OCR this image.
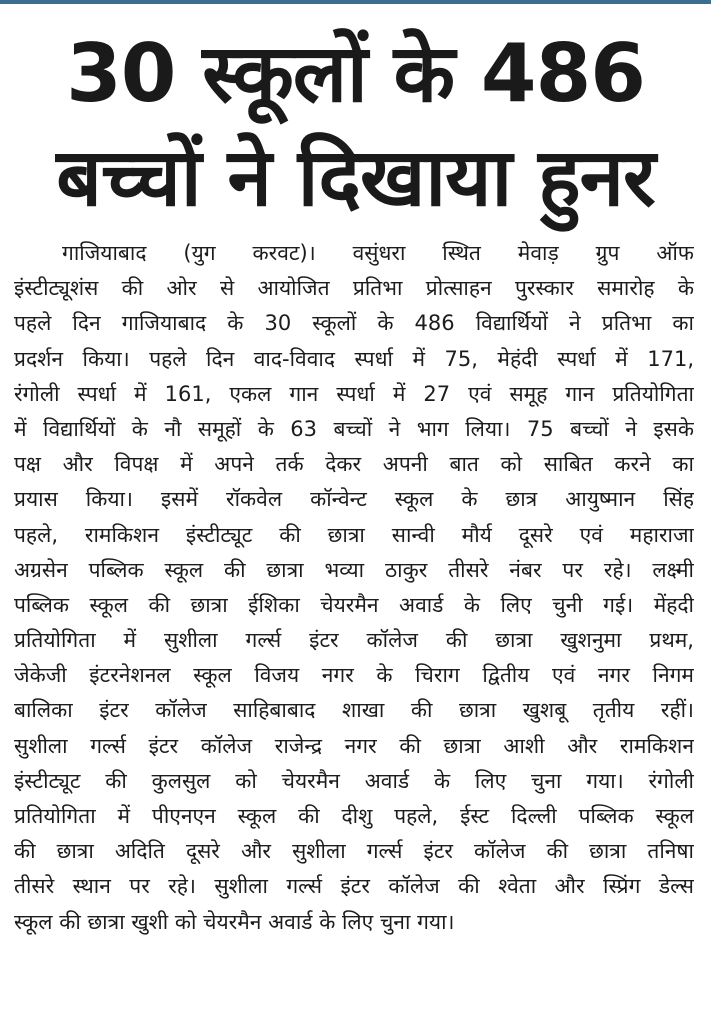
30 स्कूलों के 486
बच्चों ने दिखाया हुनर
गाजियाबाद (युग करवट)। वसुंधरा स्थित मेवाड़ ग्रुप ऑफ
इंस्टीट्यूशंस की ओर से आयोजित प्रतिभा प्रोत्साहन पुरस्कार समारोह के
पहले दिन गाजियाबाद के 30 स्कूलों के 486 विद्यार्थियों ने प्रतिभा का
प्रदर्शन किया। पहले दिन वाद-विवाद स्पर्धा में 75, मेहंदी स्पर्धा में 171,
रंगोली स्पर्धा में 161, एकल गान स्पर्धा में 27 एवं समूह गान प्रतियोगिता
में विद्यार्थियों के नौ समूहों के 63 बच्चों ने भाग लिया। 75 बच्चों ने इसके
पक्ष और विपक्ष में अपने तर्क देकर अपनी बात को साबित करने का
प्रयास किया। इसमें रॉकवेल कॉन्वेन्ट स्कूल के छात्र आयुष्मान सिंह
पहले, रामकिशन इंस्टीट्यूट की छात्रा सान्वी मौर्य दूसरे एवं महाराजा
अग्रसेन पब्लिक स्कूल की छात्रा भव्या ठाकुर तीसरे नंबर पर रहे। लक्ष्मी
पब्लिक स्कूल की छात्रा ईशिका चेयरमैन अवार्ड के लिए चुनी गई। मेंहदी
प्रतियोगिता में सुशीला गर्ल्स इंटर कॉलेज की छात्रा खुशनुमा प्रथम,
जेकेजी इंटरनेशनल स्कूल विजय नगर के चिराग द्वितीय एवं नगर निगम
बालिका इंटर कॉलेज साहिबाबाद शाखा की छात्रा खुशबू तृतीय रहीं।
सुशीला गर्ल्स इंटर कॉलेज राजेन्द्र नगर की छात्रा आशी और रामकिशन
इंस्टीट्यूट की कुलसुल को चेयरमैन अवार्ड के लिए चुना गया। रंगोली
प्रतियोगिता में पीएनएन स्कूल की दीशु पहले, ईस्ट दिल्ली पब्लिक स्कूल
की छात्रा अदिति दूसरे और सुशीला गर्ल्स इंटर कॉलेज की छात्रा तनिषा
तीसरे स्थान पर रहे। सुशीला गर्ल्स इंटर कॉलेज की श्वेता और स्प्रिंग डेल्स
स्कूल की छात्रा खुशी को चेयरमैन अवार्ड के लिए चुना गया।
